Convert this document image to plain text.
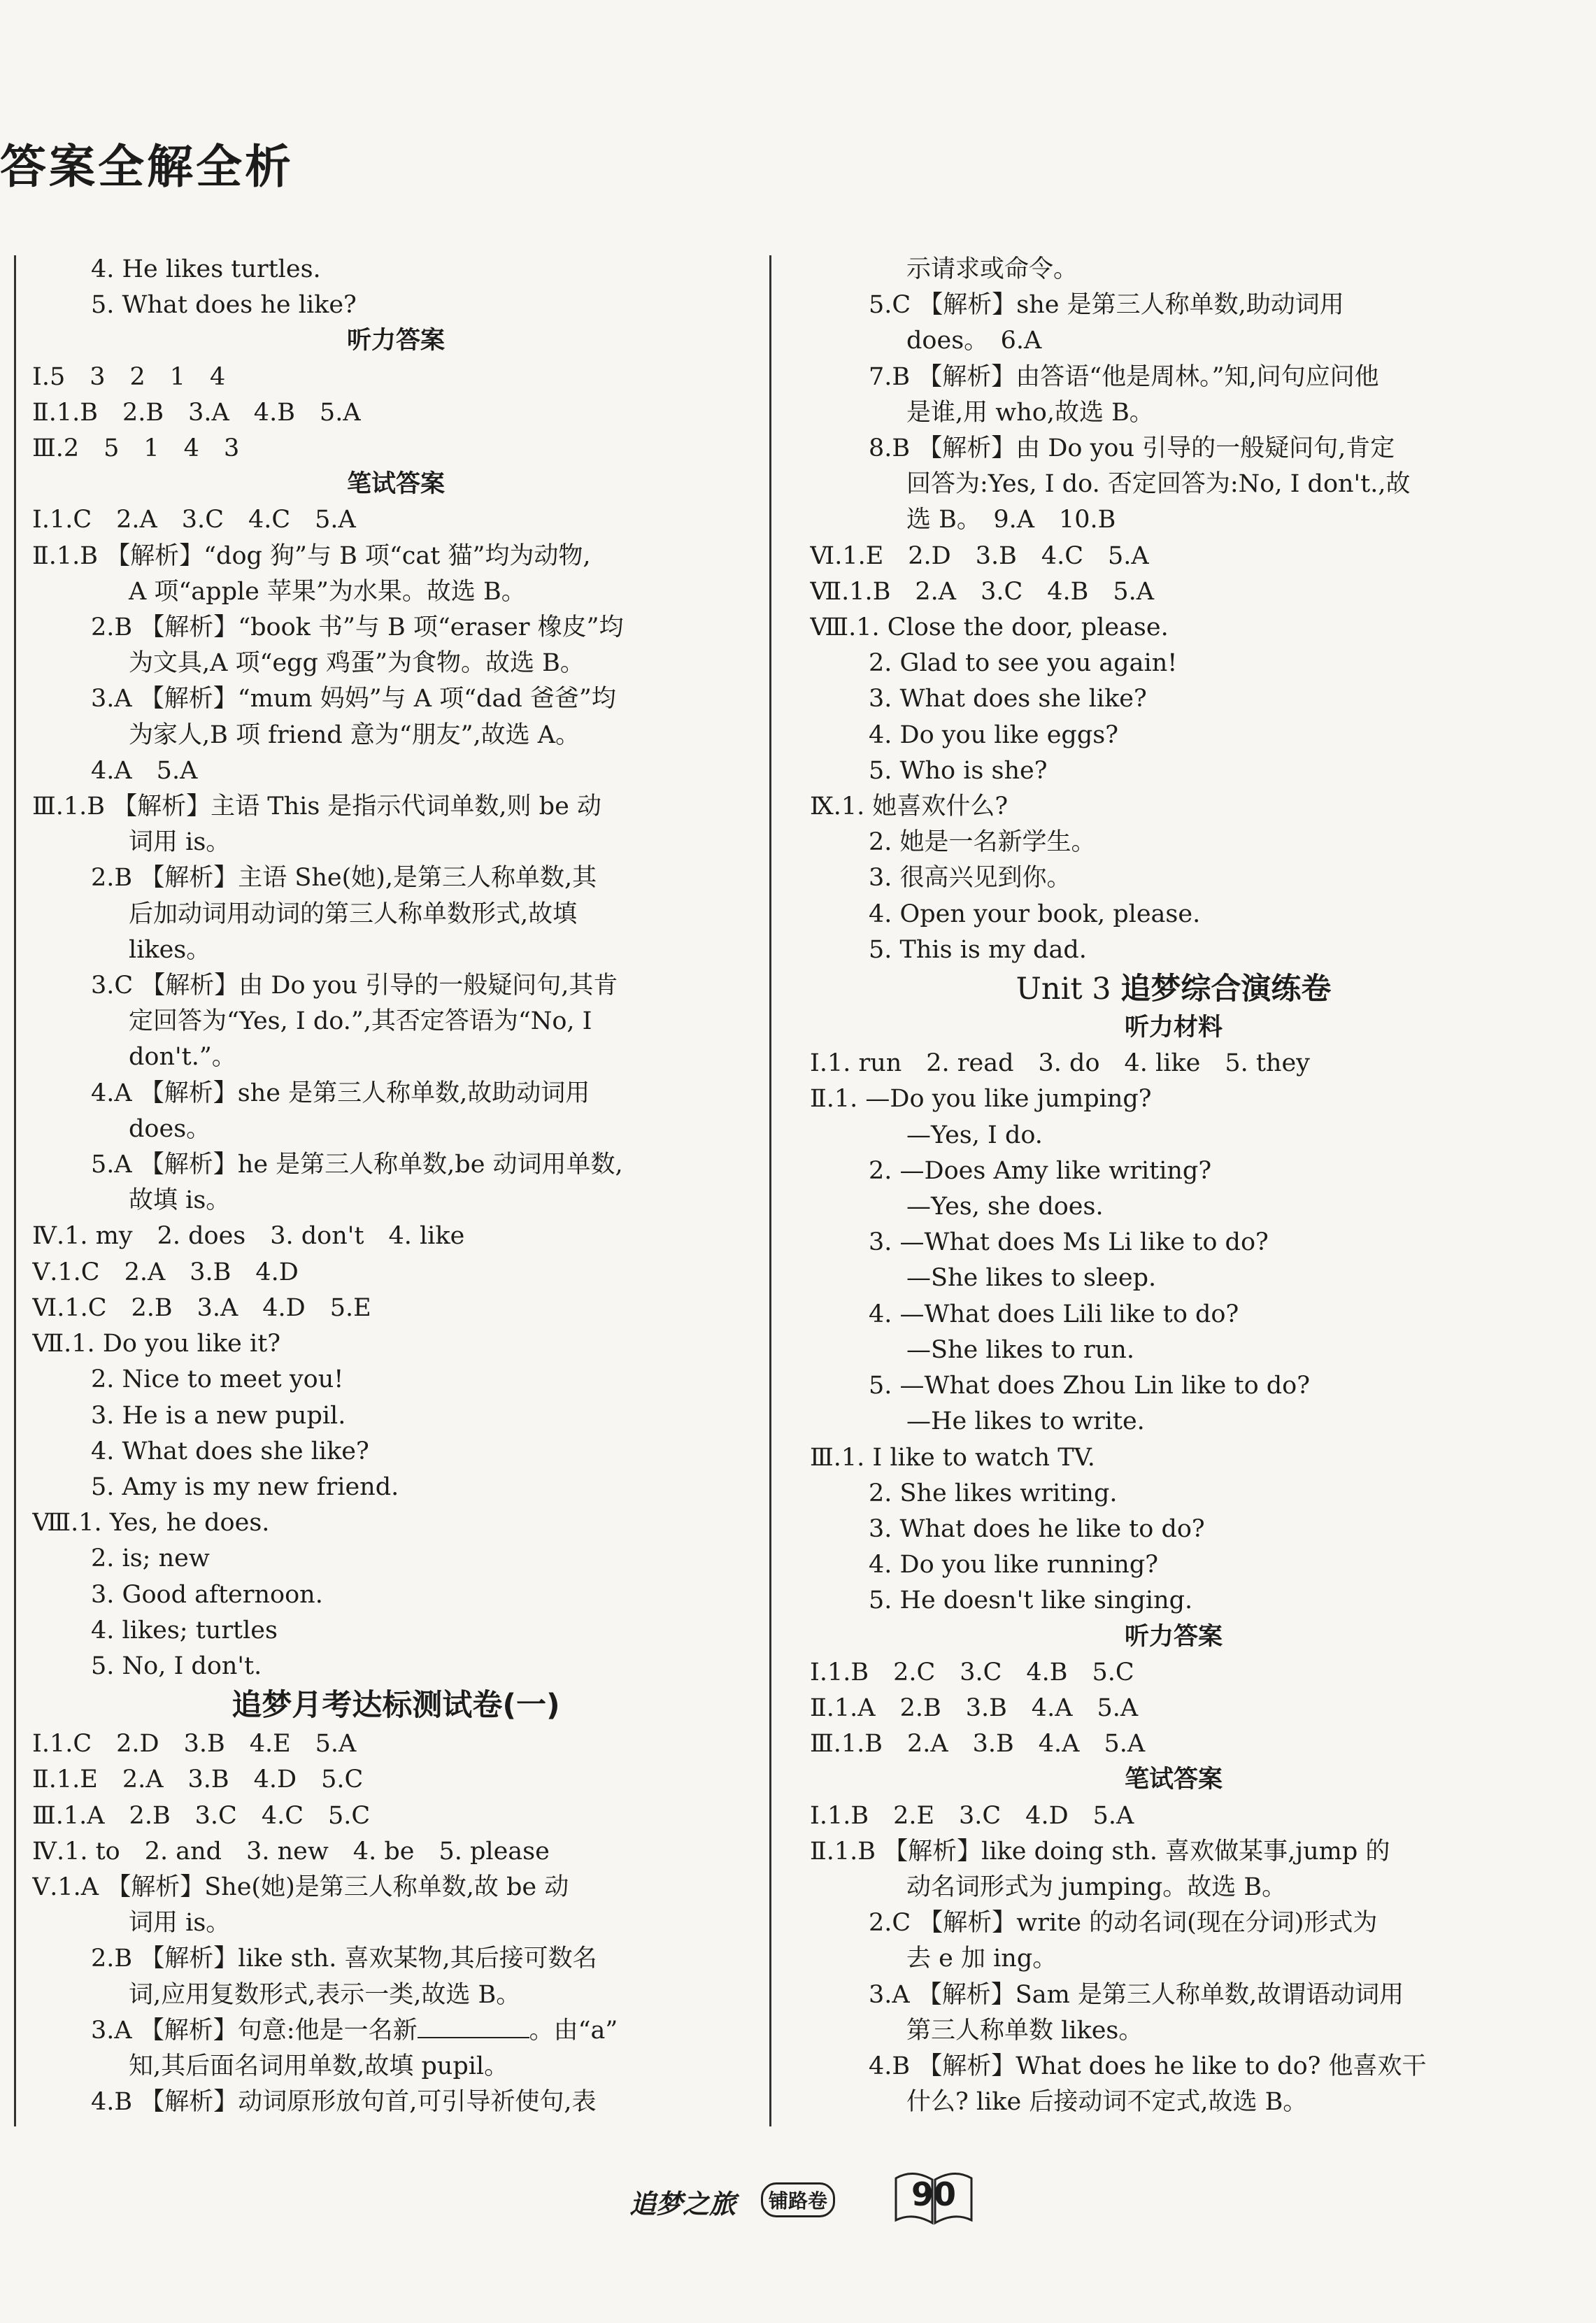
答案全解全析

4. He likes turtles.

5. What does he like?

听力答案

Ⅰ.5　3　2　1　4

Ⅱ.1.B　2.B　3.A　4.B　5.A

Ⅲ.2　5　1　4　3

笔试答案

Ⅰ.1.C　2.A　3.C　4.C　5.A

Ⅱ.1.B 【解析】“dog 狗”与 B 项“cat 猫”均为动物,

A 项“apple 苹果”为水果。故选 B。

2.B 【解析】“book 书”与 B 项“eraser 橡皮”均

为文具,A 项“egg 鸡蛋”为食物。故选 B。

3.A 【解析】“mum 妈妈”与 A 项“dad 爸爸”均

为家人,B 项 friend 意为“朋友”,故选 A。

4.A　5.A

Ⅲ.1.B 【解析】主语 This 是指示代词单数,则 be 动

词用 is。

2.B 【解析】主语 She(她),是第三人称单数,其

后加动词用动词的第三人称单数形式,故填

likes。

3.C 【解析】由 Do you 引导的一般疑问句,其肯

定回答为“Yes, I do.”,其否定答语为“No, I

don't.”。

4.A 【解析】she 是第三人称单数,故助动词用

does。

5.A 【解析】he 是第三人称单数,be 动词用单数,

故填 is。

Ⅳ.1. my　2. does　3. don't　4. like

Ⅴ.1.C　2.A　3.B　4.D

Ⅵ.1.C　2.B　3.A　4.D　5.E

Ⅶ.1. Do you like it?

2. Nice to meet you!

3. He is a new pupil.

4. What does she like?

5. Amy is my new friend.

Ⅷ.1. Yes, he does.

2. is; new

3. Good afternoon.

4. likes; turtles

5. No, I don't.

追梦月考达标测试卷(一)

Ⅰ.1.C　2.D　3.B　4.E　5.A

Ⅱ.1.E　2.A　3.B　4.D　5.C

Ⅲ.1.A　2.B　3.C　4.C　5.C

Ⅳ.1. to　2. and　3. new　4. be　5. please

Ⅴ.1.A 【解析】She(她)是第三人称单数,故 be 动

词用 is。

2.B 【解析】like sth. 喜欢某物,其后接可数名

词,应用复数形式,表示一类,故选 B。

3.A 【解析】句意:他是一名新	。由“a”

知,其后面名词用单数,故填 pupil。

4.B 【解析】动词原形放句首,可引导祈使句,表

示请求或命令。

5.C 【解析】she 是第三人称单数,助动词用

does。　6.A

7.B 【解析】由答语“他是周林。”知,问句应问他

是谁,用 who,故选 B。

8.B 【解析】由 Do you 引导的一般疑问句,肯定

回答为:Yes, I do. 否定回答为:No, I don't.,故

选 B。　9.A　10.B

Ⅵ.1.E　2.D　3.B　4.C　5.A

Ⅶ.1.B　2.A　3.C　4.B　5.A

Ⅷ.1. Close the door, please.

2. Glad to see you again!

3. What does she like?

4. Do you like eggs?

5. Who is she?

Ⅸ.1. 她喜欢什么?

2. 她是一名新学生。

3. 很高兴见到你。

4. Open your book, please.

5. This is my dad.

Unit 3 追梦综合演练卷

听力材料

Ⅰ.1. run　2. read　3. do　4. like　5. they

Ⅱ.1. —Do you like jumping?

—Yes, I do.

2. —Does Amy like writing?

—Yes, she does.

3. —What does Ms Li like to do?

—She likes to sleep.

4. —What does Lili like to do?

—She likes to run.

5. —What does Zhou Lin like to do?

—He likes to write.

Ⅲ.1. I like to watch TV.

2. She likes writing.

3. What does he like to do?

4. Do you like running?

5. He doesn't like singing.

听力答案

Ⅰ.1.B　2.C　3.C　4.B　5.C

Ⅱ.1.A　2.B　3.B　4.A　5.A

Ⅲ.1.B　2.A　3.B　4.A　5.A

笔试答案

Ⅰ.1.B　2.E　3.C　4.D　5.A

Ⅱ.1.B 【解析】like doing sth. 喜欢做某事,jump 的

动名词形式为 jumping。故选 B。

2.C 【解析】write 的动名词(现在分词)形式为

去 e 加 ing。

3.A 【解析】Sam 是第三人称单数,故谓语动词用

第三人称单数 likes。

4.B 【解析】What does he like to do? 他喜欢干

什么? like 后接动词不定式,故选 B。

追梦之旅	铺路卷	90
